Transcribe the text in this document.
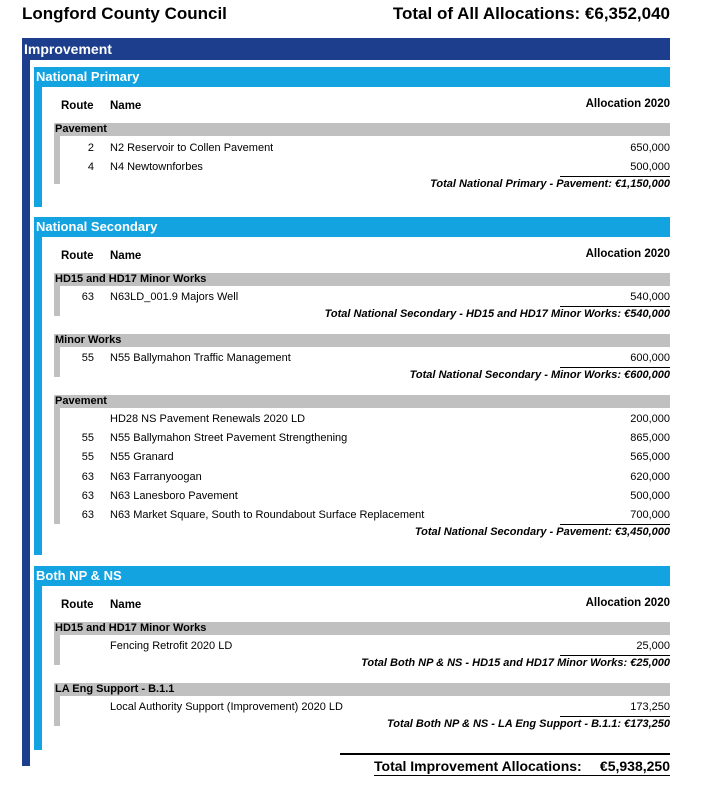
Longford County Council	Total of All Allocations: €6,352,040
Improvement
National Primary
Route Name	Allocation 2020
Pavement
2 N2 Reservoir to Collen Pavement	650,000
4 N4 Newtownforbes	500,000
Total National Primary - Pavement: €1,150,000
National Secondary
Route Name	Allocation 2020
HD15 and HD17 Minor Works
63 N63LD_001.9 Majors Well	540,000
Total National Secondary - HD15 and HD17 Minor Works: €540,000
Minor Works
55 N55 Ballymahon Traffic Management	600,000
Total National Secondary - Minor Works: €600,000
Pavement
HD28 NS Pavement Renewals 2020 LD	200,000
55 N55 Ballymahon Street Pavement Strengthening	865,000
55 N55 Granard	565,000
63 N63 Farranyoogan	620,000
63 N63 Lanesboro Pavement	500,000
63 N63 Market Square, South to Roundabout Surface Replacement	700,000
Total National Secondary - Pavement: €3,450,000
Both NP & NS
Route Name	Allocation 2020
HD15 and HD17 Minor Works
Fencing Retrofit 2020 LD	25,000
Total Both NP & NS - HD15 and HD17 Minor Works: €25,000
LA Eng Support - B.1.1
Local Authority Support (Improvement) 2020 LD	173,250
Total Both NP & NS - LA Eng Support - B.1.1: €173,250
Total Improvement Allocations: €5,938,250
